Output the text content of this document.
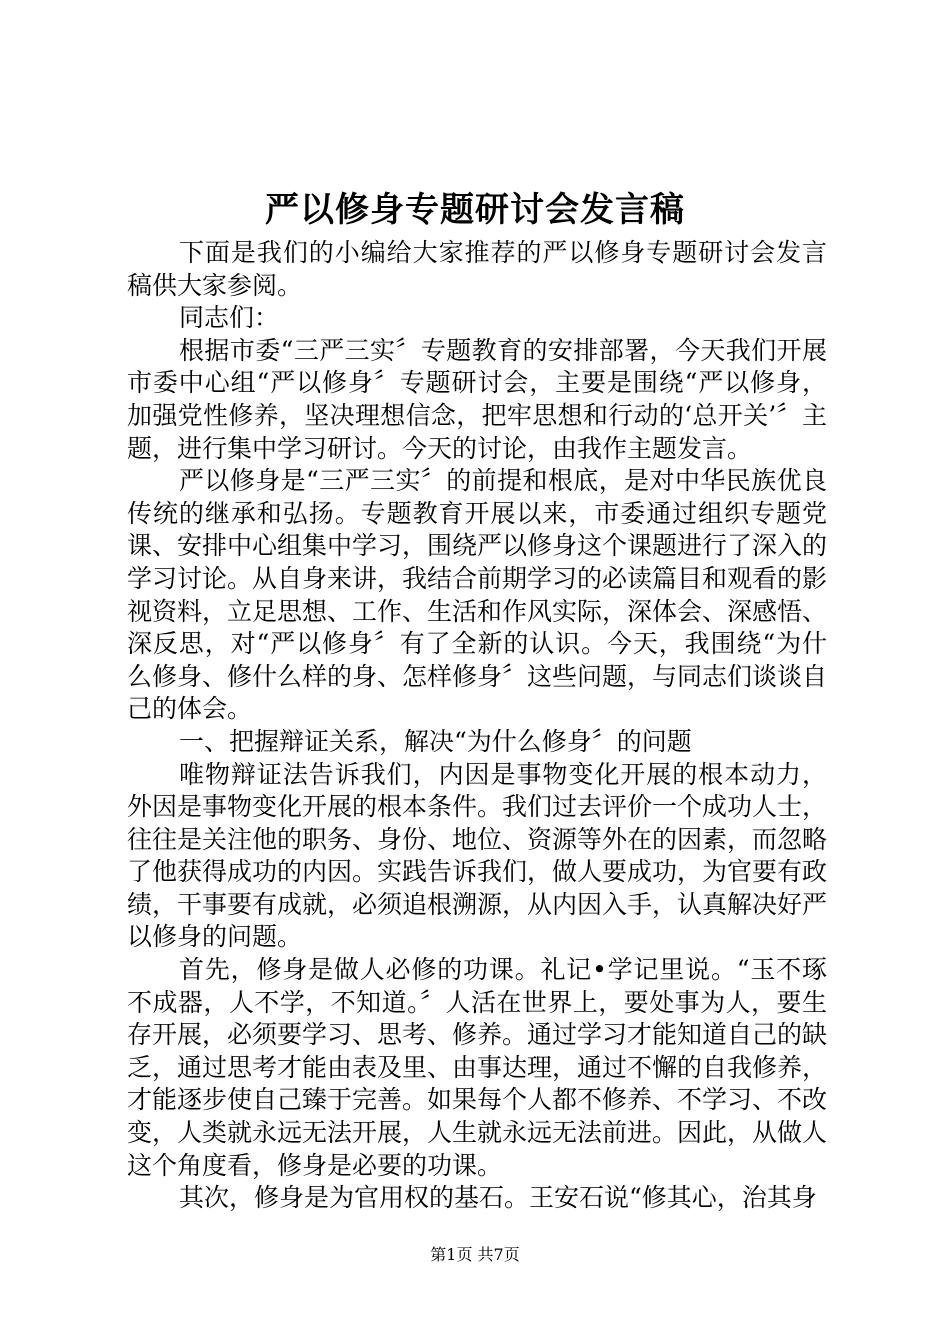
严以修身专题研讨会发言稿

下面是我们的小编给大家推荐的严以修身专题研讨会发言稿供大家参阅。

同志们：

根据市委“三严三实〞专题教育的安排部署，今天我们开展市委中心组“严以修身〞专题研讨会，主要是围绕“严以修身，加强党性修养，坚决理想信念，把牢思想和行动的‘总开关’〞主题，进行集中学习研讨。今天的讨论，由我作主题发言。

严以修身是“三严三实〞的前提和根底，是对中华民族优良传统的继承和弘扬。专题教育开展以来，市委通过组织专题党课、安排中心组集中学习，围绕严以修身这个课题进行了深入的学习讨论。从自身来讲，我结合前期学习的必读篇目和观看的影视资料，立足思想、工作、生活和作风实际，深体会、深感悟、深反思，对“严以修身〞有了全新的认识。今天，我围绕“为什么修身、修什么样的身、怎样修身〞这些问题，与同志们谈谈自己的体会。

一、把握辩证关系，解决“为什么修身〞的问题

唯物辩证法告诉我们，内因是事物变化开展的根本动力，外因是事物变化开展的根本条件。我们过去评价一个成功人士，往往是关注他的职务、身份、地位、资源等外在的因素，而忽略了他获得成功的内因。实践告诉我们，做人要成功，为官要有政绩，干事要有成就，必须追根溯源，从内因入手，认真解决好严以修身的问题。

首先，修身是做人必修的功课。礼记•学记里说。“玉不琢不成器，人不学，不知道。〞人活在世界上，要处事为人，要生存开展，必须要学习、思考、修养。通过学习才能知道自己的缺乏，通过思考才能由表及里、由事达理，通过不懈的自我修养，才能逐步使自己臻于完善。如果每个人都不修养、不学习、不改变，人类就永远无法开展，人生就永远无法前进。因此，从做人这个角度看，修身是必要的功课。

其次，修身是为官用权的基石。王安石说“修其心，治其身

第1页 共7页
